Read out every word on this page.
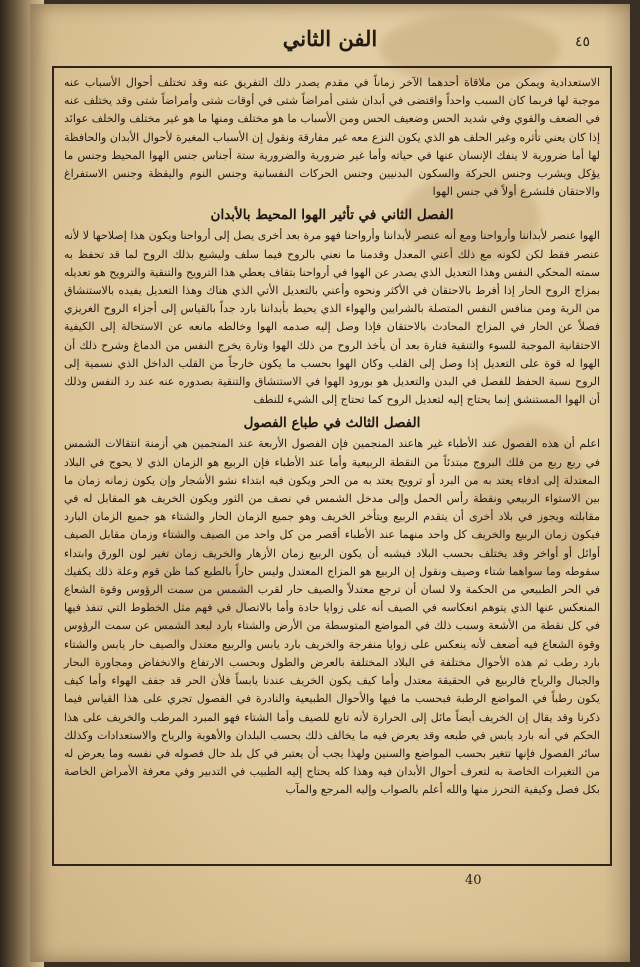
٤٥
الفن الثاني

الاستعدادية ويمكن من ملاقاة أحدهما الآخر زماناً في مقدم يصدر ذلك التفريق عنه وقد تختلف أحوال الأسباب عنه موجبة لها فربما كان السبب واحداً واقتضى في أبدان شتى أمراضاً شتى في أوقات شتى وأمراضاً شتى وقد يختلف عنه في الضعف والقوي وفي شديد الحس وضعيف الحس ومن الأسباب ما هو مختلف ومنها ما هو غير مختلف والخلف عوائد إذا كان يعني تأثره وغير الحلف هو الذي يكون النزع معه غير مفارقة ونقول إن الأسباب المغيرة لأحوال الأبدان والحافظة لها أما ضرورية لا ينفك الإنسان عنها في حياته وأما غير ضرورية والضرورية ستة أجناس جنس الهوا المحيط وجنس ما يؤكل ويشرب وجنس الحركة والسكون البدنيين وجنس الحركات النفسانية وجنس النوم واليقظة وجنس الاستفراغ والاحتقان فلنشرع أولاً في جنس الهوا

الفصل الثاني في تأثير الهوا المحيط بالأبدان

الهوا عنصر لأبداننا وأرواحنا ومع أنه عنصر لأبداننا وأرواحنا فهو مرة بعد أخرى يصل إلى أرواحنا ويكون هذا إصلاحها لا لأنه عنصر فقط لكن لكونه مع ذلك أعني المعدل وقدمنا ما نعني بالروح فيما سلف وليشيع بذلك الروح لما قد تحفظ به سمته المحكي النفس وهذا التعديل الذي يصدر عن الهوا في أرواحنا بتقاف يعطي هذا الترويح والتنقية والترويح هو تعديله بمزاج الروح الحار إذا أفرط بالاحتقان في الأكثر ونحوه وأعني بالتعديل الأتي الذي هناك وهذا التعديل يفيده بالاستنشاق من الرية ومن منافس النفس المتصلة بالشرايين والهواء الذي يحيط بأبداننا بارد جداً بالقياس إلى أجزاء الروح الغريزي فصلاً عن الحار في المزاج المحادث بالاحتقان فإذا وصل إليه صدمه الهوا وخالطه مانعه عن الاستحالة إلى الكيفية الاحتقانية الموجبة للسوء والتنقية فتارة بعد أن يأخذ الروح من ذلك الهوا وتارة يخرج النفس من الدماغ وشرح ذلك أن الهوا له قوة على التعديل إذا وصل إلى القلب وكان الهوا بحسب ما يكون خارجاً من القلب الداخل الذي نسمية إلى الروح نسبة الحفظ للفصل في البدن والتعديل هو بورود الهوا في الاستنشاق والتنقية بصدوره عنه عند رد النفس وذلك أن الهوا المستنشق إنما يحتاج إليه لتعديل الروح كما تحتاج إلى الشيء للنطف

الفصل الثالث في طباع الفصول

اعلم أن هذه الفصول عند الأطباء غير هاعند المنجمين فإن الفصول الأربعة عند المنجمين هي أزمنة انتقالات الشمس في ربع ربع من فلك البروج مبتدئاً من النقطة الربيعية وأما عند الأطباء فإن الربيع هو الزمان الذي لا يحوج في البلاد المعتدلة إلى ادفاء يعتد به من البرد أو ترويح يعتد به من الحر ويكون فيه ابتداء نشو الأشجار وإن يكون زمانه زمان ما بين الاستواء الربيعي ونقطة رأس الحمل وإلى مدخل الشمس في نصف من الثور ويكون الخريف هو المقابل له في مقابلته ويجوز في بلاد أخرى أن يتقدم الربيع ويتأخر الخريف وهو جميع الزمان الحار والشتاء هو جميع الزمان البارد فيكون زمان الربيع والخريف كل واحد منهما عند الأطباء أقصر من كل واحد من الصيف والشتاء وزمان مقابل الصيف أوائل أو أواخر وقد يختلف بحسب البلاد فيشبه أن يكون الربيع زمان الأزهار والخريف زمان تغير لون الورق وابتداء سقوطه وما سواهما شتاء وصيف ونقول إن الربيع هو المزاج المعتدل وليس حاراً بالطبع كما ظن قوم وعلة ذلك يكفيك في الحر الطبيعي من الحكمة ولا لسان أن ترجع معتدلاً والصيف حار لقرب الشمس من سمت الرؤوس وقوة الشعاع المنعكس عنها الذي يتوهم انعكاسه في الصيف أنه على زوايا حادة وأما بالاتصال في فهم مثل الخطوط التي تنفذ فيها في كل نقطة من الأشعة وسبب ذلك في المواضع المتوسطة من الأرض والشتاء بارد لبعد الشمس عن سمت الرؤوس وقوة الشعاع فيه أضعف لأنه ينعكس على زوايا منفرجة والخريف بارد يابس والربيع معتدل والصيف حار يابس والشتاء بارد رطب ثم هذه الأحوال مختلفة في البلاد المختلفة بالعرض والطول وبحسب الارتفاع والانخفاض ومجاورة البحار والجبال والرياح فالربيع في الحقيقة معتدل وأما كيف يكون الخريف عندنا يابساً فلأن الحر قد جفف الهواء وأما كيف يكون رطباً في المواضع الرطبة فبحسب ما فيها والأحوال الطبيعية والنادرة في الفصول تجري على هذا القياس فيما ذكرنا وقد يقال إن الخريف أيضاً مائل إلى الحرارة لأنه تابع للصيف وأما الشتاء فهو المبرد المرطب والخريف على هذا الحكم في أنه بارد يابس في طبعه وقد يعرض فيه ما يخالف ذلك بحسب البلدان والأهوية والرياح والاستعدادات وكذلك سائر الفصول فإنها تتغير بحسب المواضع والسنين ولهذا يجب أن يعتبر في كل بلد حال فصوله في نفسه وما يعرض له من التغيرات الخاصة به لتعرف أحوال الأبدان فيه وهذا كله يحتاج إليه الطبيب في التدبير وفي معرفة الأمراض الخاصة بكل فصل وكيفية التحرز منها والله أعلم بالصواب وإليه المرجع والمآب

40
